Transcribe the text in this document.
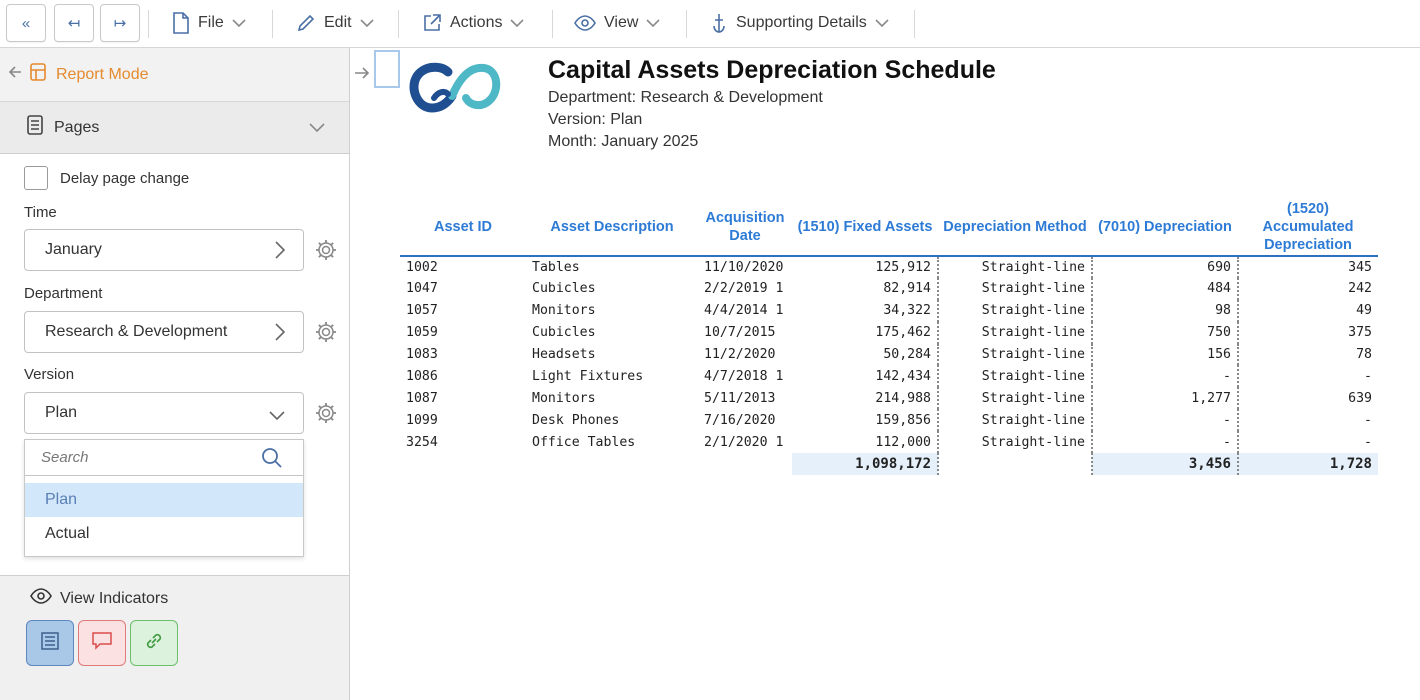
«	↤ ↦	File	Edit	Actions	View	Supporting Details
Report Mode
Pages
Delay page change
Time
January
Department
Research & Development
Version
Plan
View Indicators
Search
Plan
Actual
Capital Assets Depreciation Schedule
Department: Research & Development
Version: Plan
Month: January 2025
Asset ID	Asset Description	Acquisition Date	(1510) Fixed Assets	Depreciation Method	(7010) Depreciation	(1520) Accumulated Depreciation
1002	Tables	11/10/2020	125,912	Straight-line	690	345
1047	Cubicles	2/2/2019 1	82,914	Straight-line	484	242
1057	Monitors	4/4/2014 1	34,322	Straight-line	98	49
1059	Cubicles	10/7/2015	175,462	Straight-line	750	375
1083	Headsets	11/2/2020	50,284	Straight-line	156	78
1086	Light Fixtures	4/7/2018 1	142,434	Straight-line	-	-
1087	Monitors	5/11/2013	214,988	Straight-line	1,277	639
1099	Desk Phones	7/16/2020	159,856	Straight-line	-	-
3254	Office Tables	2/1/2020 1	112,000	Straight-line	-	-
			1,098,172		3,456	1,728
